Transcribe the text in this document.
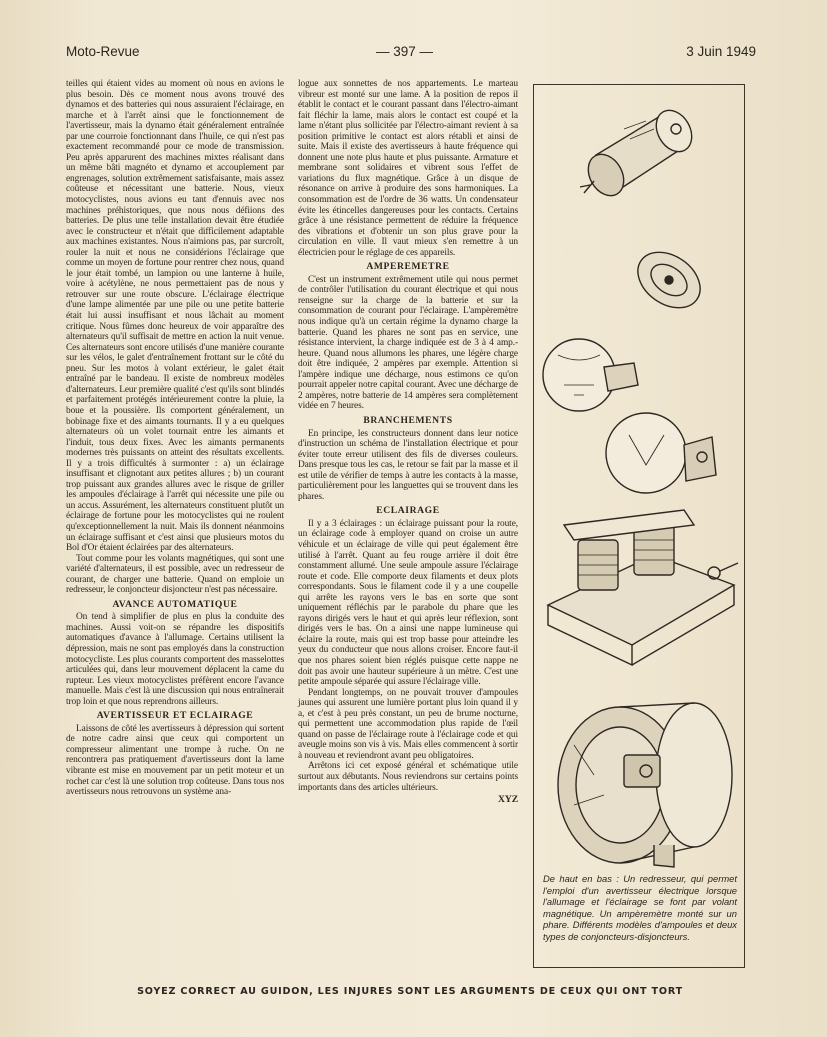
Moto-Revue	— 397 —	3 Juin 1949

teilles qui étaient vides au moment où nous en avions le plus besoin. Dès ce moment nous avons trouvé des dynamos et des batteries qui nous assuraient l'éclairage, en marche et à l'arrêt ainsi que le fonctionnement de l'avertisseur, mais la dynamo était généralement entraînée par une courroie fonctionnant dans l'huile, ce qui n'est pas exactement recommandé pour ce mode de transmission. Peu après apparurent des machines mixtes réalisant dans un même bâti magnéto et dynamo et accouplement par engrenages, solution extrêmement satisfaisante, mais assez coûteuse et nécessitant une batterie. Nous, vieux motocyclistes, nous avions eu tant d'ennuis avec nos machines préhistoriques, que nous nous défiions des batteries. De plus une telle installation devait être étudiée avec le constructeur et n'était que difficilement adaptable aux machines existantes. Nous n'aimions pas, par surcroît, rouler la nuit et nous ne considérions l'éclairage que comme un moyen de fortune pour rentrer chez nous, quand le jour était tombé, un lampion ou une lanterne à huile, voire à acétylène, ne nous permettaient pas de nous y retrouver sur une route obscure. L'éclairage électrique d'une lampe alimentée par une pile ou une petite batterie était lui aussi insuffisant et nous lâchait au moment critique. Nous fûmes donc heureux de voir apparaître des alternateurs qu'il suffisait de mettre en action la nuit venue. Ces alternateurs sont encore utilisés d'une manière courante sur les vélos, le galet d'entraînement frottant sur le côté du pneu. Sur les motos à volant extérieur, le galet était entraîné par le bandeau. Il existe de nombreux modèles d'alternateurs. Leur première qualité c'est qu'ils sont blindés et parfaitement protégés intérieurement contre la pluie, la boue et la poussière. Ils comportent généralement, un bobinage fixe et des aimants tournants. Il y a eu quelques alternateurs où un volet tournait entre les aimants et l'induit, tous deux fixes. Avec les aimants permanents modernes très puissants on atteint des résultats excellents. Il y a trois difficultés à surmonter : a) un éclairage insuffisant et clignotant aux petites allures ; b) un courant trop puissant aux grandes allures avec le risque de griller les ampoules d'éclairage à l'arrêt qui nécessite une pile ou un accus. Assurément, les alternateurs constituent plutôt un éclairage de fortune pour les motocyclistes qui ne roulent qu'exceptionnellement la nuit. Mais ils donnent néanmoins un éclairage suffisant et c'est ainsi que plusieurs motos du Bol d'Or étaient éclairées par des alternateurs.

Tout comme pour les volants magnétiques, qui sont une variété d'alternateurs, il est possible, avec un redresseur de courant, de charger une batterie. Quand on emploie un redresseur, le conjoncteur disjoncteur n'est pas nécessaire.

AVANCE AUTOMATIQUE

On tend à simplifier de plus en plus la conduite des machines. Aussi voit-on se répandre les dispositifs automatiques d'avance à l'allumage. Certains utilisent la dépression, mais ne sont pas employés dans la construction motocycliste. Les plus courants comportent des masselottes articulées qui, dans leur mouvement déplacent la came du rupteur. Les vieux motocyclistes préfèrent encore l'avance manuelle. Mais c'est là une discussion qui nous entraînerait trop loin et que nous reprendrons ailleurs.

AVERTISSEUR ET ECLAIRAGE

Laissons de côté les avertisseurs à dépression qui sortent de notre cadre ainsi que ceux qui comportent un compresseur alimentant une trompe à ruche. On ne rencontrera pas pratiquement d'avertisseurs dont la lame vibrante est mise en mouvement par un petit moteur et un rochet car c'est là une solution trop coûteuse. Dans tous nos avertisseurs nous retrouvons un système ana-

logue aux sonnettes de nos appartements. Le marteau vibreur est monté sur une lame. A la position de repos il établit le contact et le courant passant dans l'électro-aimant fait fléchir la lame, mais alors le contact est coupé et la lame n'étant plus sollicitée par l'électro-aimant revient à sa position primitive le contact est alors rétabli et ainsi de suite. Mais il existe des avertisseurs à haute fréquence qui donnent une note plus haute et plus puissante. Armature et membrane sont solidaires et vibrent sous l'effet de variations du flux magnétique. Grâce à un disque de résonance on arrive à produire des sons harmoniques. La consommation est de l'ordre de 36 watts. Un condensateur évite les étincelles dangereuses pour les contacts. Certains grâce à une résistance permettent de réduire la fréquence des vibrations et d'obtenir un son plus grave pour la circulation en ville. Il vaut mieux s'en remettre à un électricien pour le réglage de ces appareils.

AMPEREMETRE

C'est un instrument extrêmement utile qui nous permet de contrôler l'utilisation du courant électrique et qui nous renseigne sur la charge de la batterie et sur la consommation de courant pour l'éclairage. L'ampèremètre nous indique qu'à un certain régime la dynamo charge la batterie. Quand les phares ne sont pas en service, une résistance intervient, la charge indiquée est de 3 à 4 amp.-heure. Quand nous allumons les phares, une légère charge doit être indiquée, 2 ampères par exemple. Attention si l'ampère indique une décharge, nous estimons ce qu'on pourrait appeler notre capital courant. Avec une décharge de 2 ampères, notre batterie de 14 ampères sera complètement vidée en 7 heures.

BRANCHEMENTS

En principe, les constructeurs donnent dans leur notice d'instruction un schéma de l'installation électrique et pour éviter toute erreur utilisent des fils de diverses couleurs. Dans presque tous les cas, le retour se fait par la masse et il est utile de vérifier de temps à autre les contacts à la masse, particulièrement pour les languettes qui se trouvent dans les phares.

ECLAIRAGE

Il y a 3 éclairages : un éclairage puissant pour la route, un éclairage code à employer quand on croise un autre véhicule et un éclairage de ville qui peut également être utilisé à l'arrêt. Quant au feu rouge arrière il doit être constamment allumé. Une seule ampoule assure l'éclairage route et code. Elle comporte deux filaments et deux plots correspondants. Sous le filament code il y a une coupelle qui arrête les rayons vers le bas en sorte que sont uniquement réfléchis par le parabole du phare que les rayons dirigés vers le haut et qui après leur réflexion, sont dirigés vers le bas. On a ainsi une nappe lumineuse qui éclaire la route, mais qui est trop basse pour atteindre les yeux du conducteur que nous allons croiser. Encore faut-il que nos phares soient bien réglés puisque cette nappe ne doit pas avoir une hauteur supérieure à un mètre. C'est une petite ampoule séparée qui assure l'éclairage ville.

Pendant longtemps, on ne pouvait trouver d'ampoules jaunes qui assurent une lumière portant plus loin quand il y a, et c'est à peu près constant, un peu de brume nocturne, qui permettent une accommodation plus rapide de l'œil quand on passe de l'éclairage route à l'éclairage code et qui aveugle moins son vis à vis. Mais elles commencent à sortir à nouveau et reviendront avant peu obligatoires.

Arrêtons ici cet exposé général et schématique utile surtout aux débutants. Nous reviendrons sur certains points importants dans des articles ultérieurs.

XYZ
De haut en bas : Un redresseur, qui permet l'emploi d'un avertisseur électrique lorsque l'allumage et l'éclairage se font par volant magnétique. Un ampèremètre monté sur un phare. Différents modèles d'ampoules et deux types de conjoncteurs-disjoncteurs.
SOYEZ CORRECT AU GUIDON, LES INJURES SONT LES ARGUMENTS DE CEUX QUI ONT TORT
